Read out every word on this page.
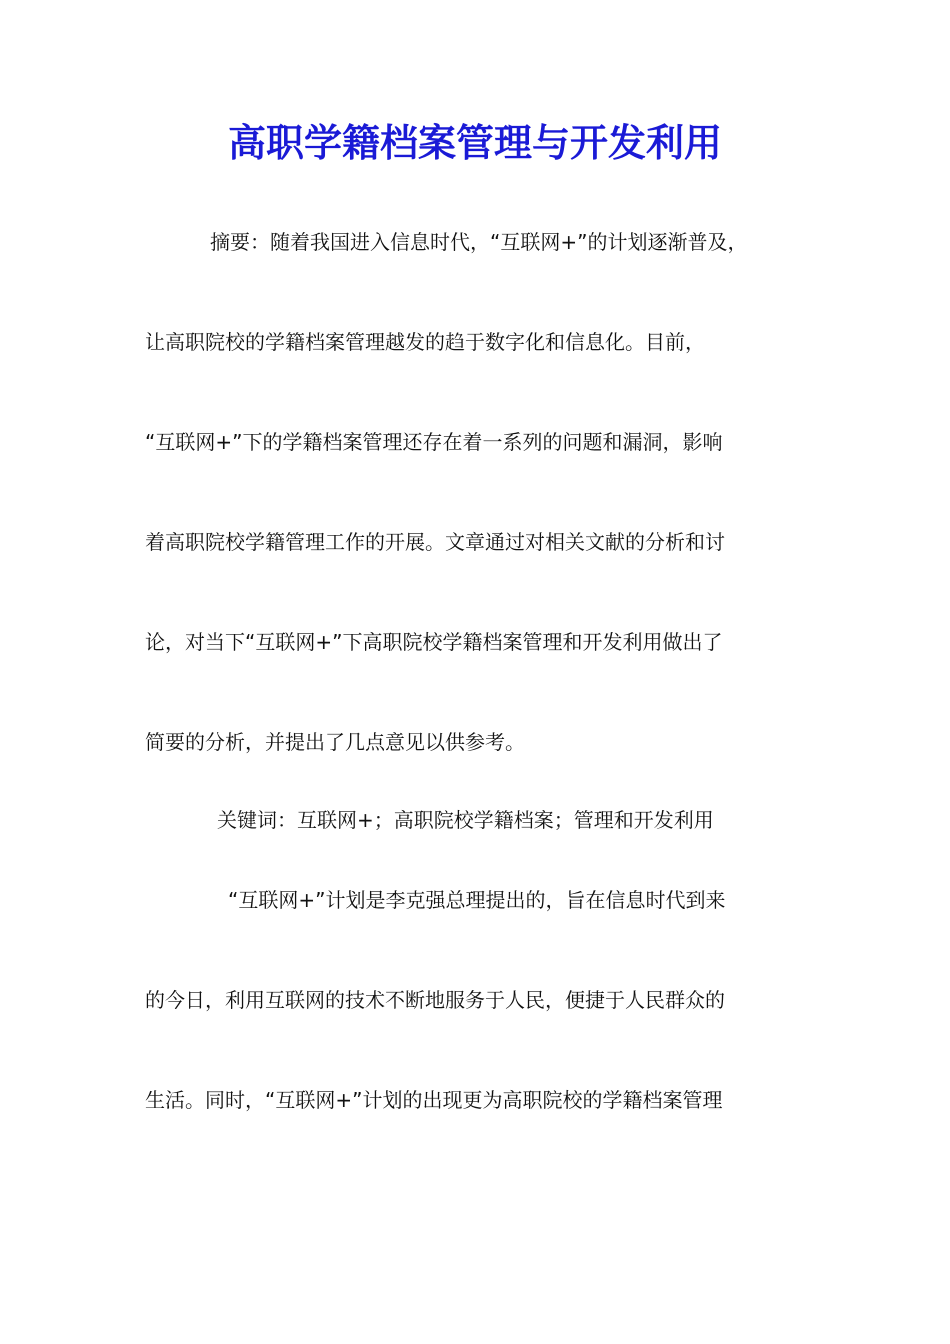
高职学籍档案管理与开发利用
摘要：随着我国进入信息时代，“互联网+”的计划逐渐普及，
让高职院校的学籍档案管理越发的趋于数字化和信息化。目前，
“互联网+”下的学籍档案管理还存在着一系列的问题和漏洞，影响
着高职院校学籍管理工作的开展。文章通过对相关文献的分析和讨
论，对当下“互联网+”下高职院校学籍档案管理和开发利用做出了
简要的分析，并提出了几点意见以供参考。
关键词：互联网+；高职院校学籍档案；管理和开发利用
“互联网+”计划是李克强总理提出的，旨在信息时代到来
的今日，利用互联网的技术不断地服务于人民，便捷于人民群众的
生活。同时，“互联网+”计划的出现更为高职院校的学籍档案管理
